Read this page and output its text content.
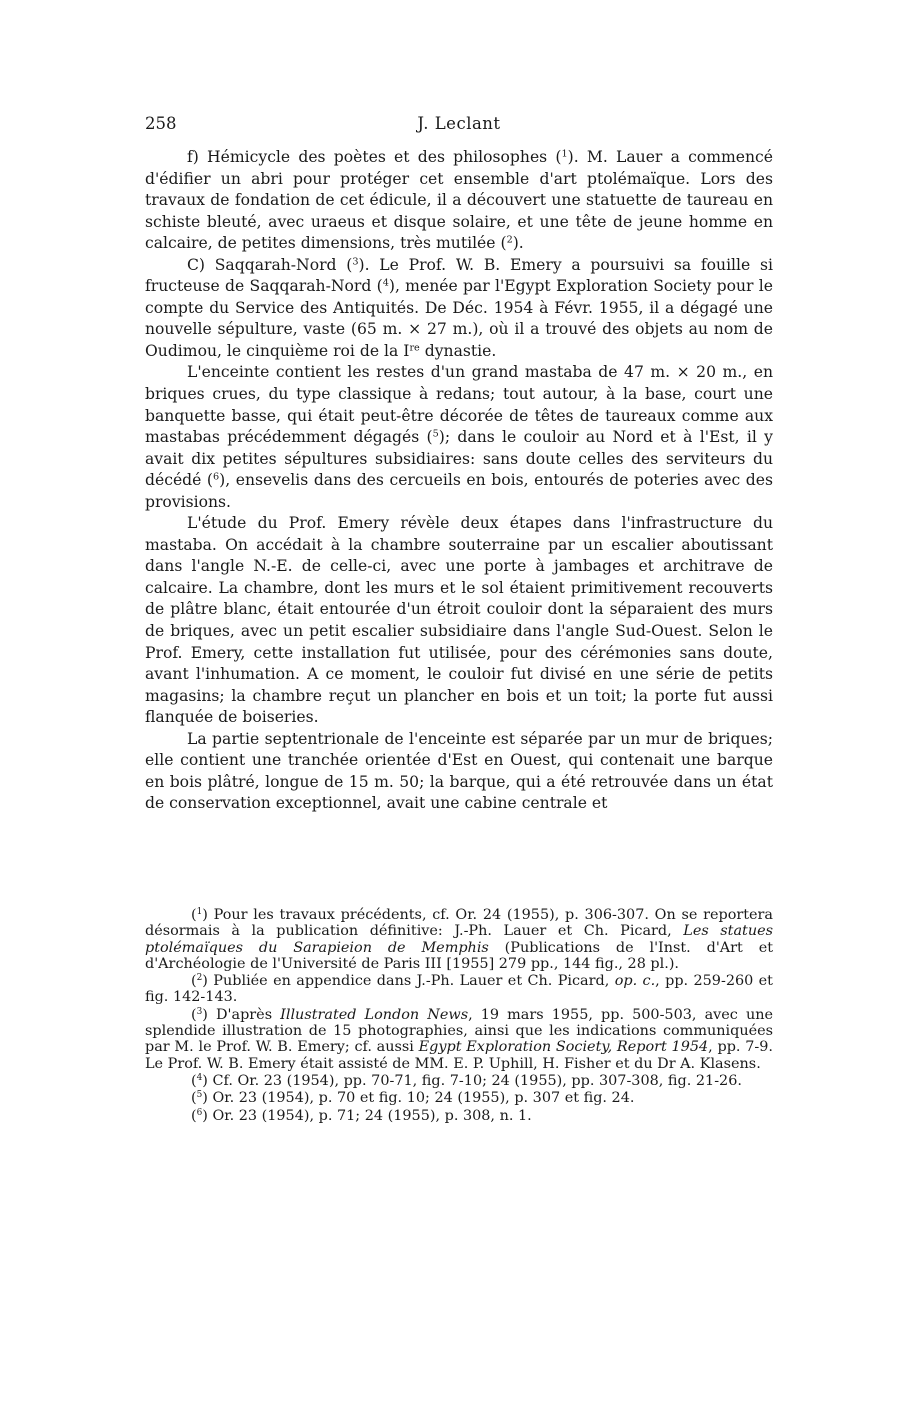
258	J. Leclant

f) Hémicycle des poètes et des philosophes ($^1$). M. Lauer a commencé d'édifier un abri pour protéger cet ensemble d'art ptolémaïque. Lors des travaux de fondation de cet édicule, il a découvert une statuette de taureau en schiste bleuté, avec uraeus et disque solaire, et une tête de jeune homme en calcaire, de petites dimensions, très mutilée ($^2$).

C) Saqqarah-Nord ($^3$). Le Prof. W. B. Emery a poursuivi sa fouille si fructeuse de Saqqarah-Nord ($^4$), menée par l'Egypt Exploration Society pour le compte du Service des Antiquités. De Déc. 1954 à Févr. 1955, il a dégagé une nouvelle sépulture, vaste (65 m. × 27 m.), où il a trouvé des objets au nom de Oudimou, le cinquième roi de la Ire dynastie.

L'enceinte contient les restes d'un grand mastaba de 47 m. × 20 m., en briques crues, du type classique à redans; tout autour, à la base, court une banquette basse, qui était peut-être décorée de têtes de taureaux comme aux mastabas précédemment dégagés ($^5$); dans le couloir au Nord et à l'Est, il y avait dix petites sépultures subsidiaires: sans doute celles des serviteurs du décédé ($^6$), ensevelis dans des cercueils en bois, entourés de poteries avec des provisions.

L'étude du Prof. Emery révèle deux étapes dans l'infrastructure du mastaba. On accédait à la chambre souterraine par un escalier aboutissant dans l'angle N.-E. de celle-ci, avec une porte à jambages et architrave de calcaire. La chambre, dont les murs et le sol étaient primitivement recouverts de plâtre blanc, était entourée d'un étroit couloir dont la séparaient des murs de briques, avec un petit escalier subsidiaire dans l'angle Sud-Ouest. Selon le Prof. Emery, cette installation fut utilisée, pour des cérémonies sans doute, avant l'inhumation. A ce moment, le couloir fut divisé en une série de petits magasins; la chambre reçut un plancher en bois et un toit; la porte fut aussi flanquée de boiseries.

La partie septentrionale de l'enceinte est séparée par un mur de briques; elle contient une tranchée orientée d'Est en Ouest, qui contenait une barque en bois plâtré, longue de 15 m. 50; la barque, qui a été retrouvée dans un état de conservation exceptionnel, avait une cabine centrale et

($^1$) Pour les travaux précédents, cf. Or. 24 (1955), p. 306-307. On se reportera désormais à la publication définitive: J.-Ph. Lauer et Ch. Picard, Les statues ptolémaïques du Sarapieion de Memphis (Publications de l'Inst. d'Art et d'Archéologie de l'Université de Paris III [1955] 279 pp., 144 fig., 28 pl.).

($^2$) Publiée en appendice dans J.-Ph. Lauer et Ch. Picard, op. c., pp. 259-260 et fig. 142-143.

($^3$) D'après Illustrated London News, 19 mars 1955, pp. 500-503, avec une splendide illustration de 15 photographies, ainsi que les indications communiquées par M. le Prof. W. B. Emery; cf. aussi Egypt Exploration Society, Report 1954, pp. 7-9. Le Prof. W. B. Emery était assisté de MM. E. P. Uphill, H. Fisher et du Dr A. Klasens.

($^4$) Cf. Or. 23 (1954), pp. 70-71, fig. 7-10; 24 (1955), pp. 307-308, fig. 21-26.

($^5$) Or. 23 (1954), p. 70 et fig. 10; 24 (1955), p. 307 et fig. 24.

($^6$) Or. 23 (1954), p. 71; 24 (1955), p. 308, n. 1.
